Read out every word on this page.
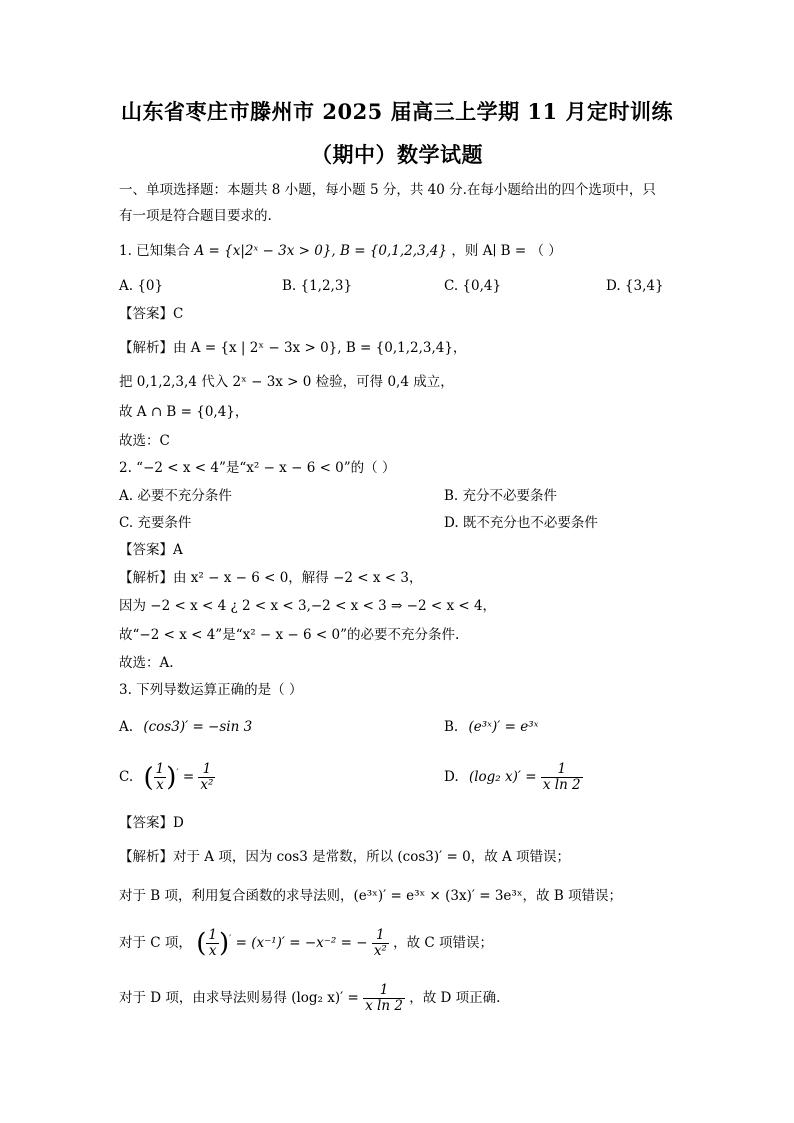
山东省枣庄市滕州市 2025 届高三上学期 11 月定时训练
（期中）数学试题
一、单项选择题：本题共 8 小题，每小题 5 分，共 40 分.在每小题给出的四个选项中，只
有一项是符合题目要求的.
1. 已知集合 A = {x|2ˣ − 3x > 0}, B = {0,1,2,3,4} ，则 A∣ B = （ ）
A. {0}	B. {1,2,3}	C. {0,4}	D. {3,4}
【答案】C
【解析】由 A = {x | 2ˣ − 3x > 0}, B = {0,1,2,3,4}，
把 0,1,2,3,4 代入 2ˣ − 3x > 0 检验，可得 0,4 成立，
故 A ∩ B = {0,4}，
故选：C
2. “−2 < x < 4”是“x² − x − 6 < 0”的（ ）
A. 必要不充分条件	B. 充分不必要条件
C. 充要条件	D. 既不充分也不必要条件
【答案】A
【解析】由 x² − x − 6 < 0，解得 −2 < x < 3，
因为 −2 < x < 4 ¿ 2 < x < 3,−2 < x < 3 ⇒ −2 < x < 4，
故“−2 < x < 4”是“x² − x − 6 < 0”的必要不充分条件.
故选：A.
3. 下列导数运算正确的是（ ）
A. (cos3)′ = −sin 3	B. (e³ˣ)′ = e³ˣ
C. ( $\frac{1}{x} )' = \frac{1}{\text{x²}}$	D. (log₂ $x)' = \frac{1}{\text{x ln 2}}$
【答案】D
【解析】对于 A 项，因为 cos3 是常数，所以 (cos3)′ = 0，故 A 项错误；
对于 B 项，利用复合函数的求导法则，(e³ˣ)′ = e³ˣ × (3x)′ = 3e³ˣ，故 B 项错误；
对于 C 项， ( $\frac{1}{x} )' = (x^{-1})' = -x^{-2}$ = − $\frac{1}{\text{x²}}$ ，故 C 项错误；
对于 D 项，由求导法则易得 (log₂ $x)' = \frac{1}{\text{x ln 2}}$ ，故 D 项正确.
